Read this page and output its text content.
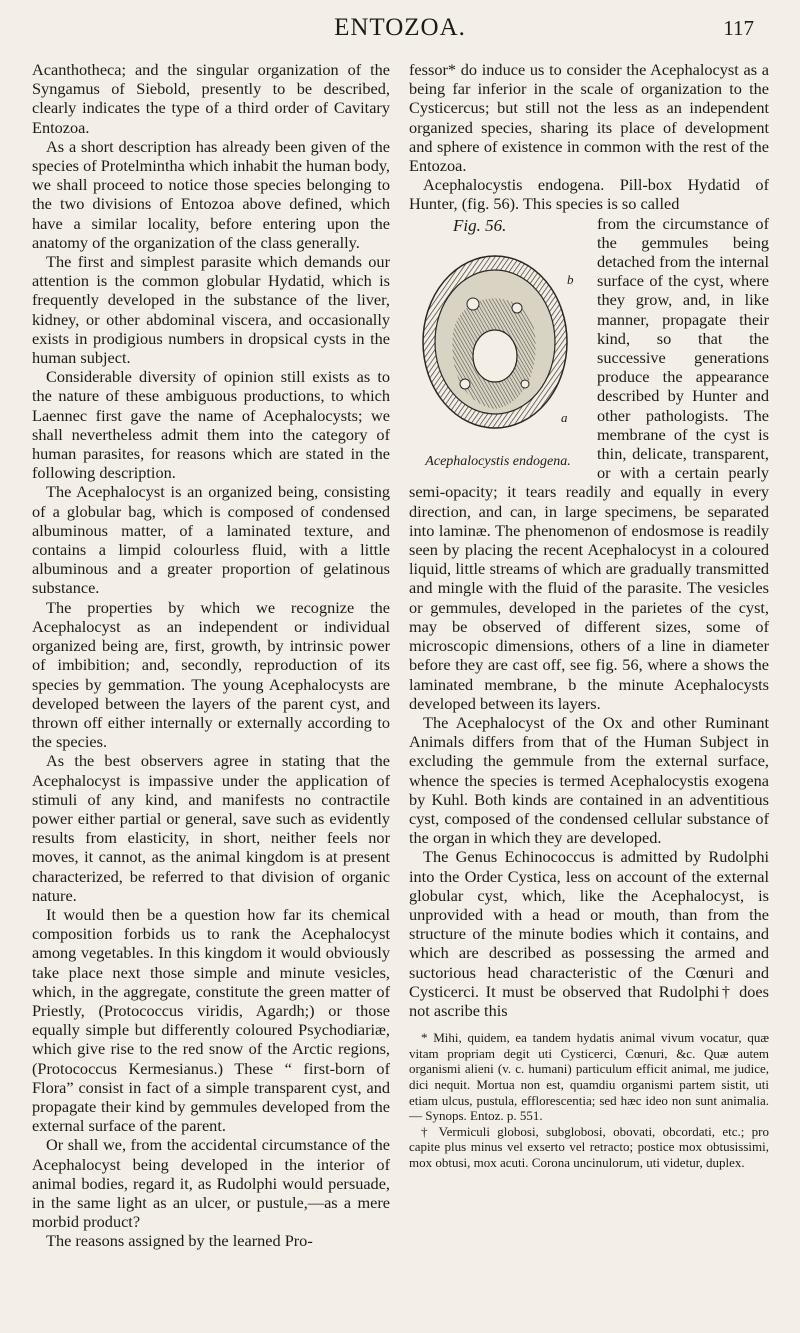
ENTOZOA.	117

Acanthotheca; and the singular organization of the Syngamus of Siebold, presently to be described, clearly indicates the type of a third order of Cavitary Entozoa.

As a short description has already been given of the species of Protelmintha which inhabit the human body, we shall proceed to notice those species belonging to the two divisions of Entozoa above defined, which have a similar locality, before entering upon the anatomy of the organization of the class generally.

The first and simplest parasite which demands our attention is the common globular Hydatid, which is frequently developed in the substance of the liver, kidney, or other abdominal viscera, and occasionally exists in prodigious numbers in dropsical cysts in the human subject.

Considerable diversity of opinion still exists as to the nature of these ambiguous productions, to which Laennec first gave the name of Acephalocysts; we shall nevertheless admit them into the category of human parasites, for reasons which are stated in the following description.

The Acephalocyst is an organized being, consisting of a globular bag, which is composed of condensed albuminous matter, of a laminated texture, and contains a limpid colourless fluid, with a little albuminous and a greater proportion of gelatinous substance.

The properties by which we recognize the Acephalocyst as an independent or individual organized being are, first, growth, by intrinsic power of imbibition; and, secondly, reproduction of its species by gemmation. The young Acephalocysts are developed between the layers of the parent cyst, and thrown off either internally or externally according to the species.

As the best observers agree in stating that the Acephalocyst is impassive under the application of stimuli of any kind, and manifests no contractile power either partial or general, save such as evidently results from elasticity, in short, neither feels nor moves, it cannot, as the animal kingdom is at present characterized, be referred to that division of organic nature.

It would then be a question how far its chemical composition forbids us to rank the Acephalocyst among vegetables. In this kingdom it would obviously take place next those simple and minute vesicles, which, in the aggregate, constitute the green matter of Priestly, (Protococcus viridis, Agardh;) or those equally simple but differently coloured Psychodiariæ, which give rise to the red snow of the Arctic regions, (Protococcus Kermesianus.) These “ first-born of Flora” consist in fact of a simple transparent cyst, and propagate their kind by gemmules developed from the external surface of the parent.

Or shall we, from the accidental circumstance of the Acephalocyst being developed in the interior of animal bodies, regard it, as Rudolphi would persuade, in the same light as an ulcer, or pustule,—as a mere morbid product?

The reasons assigned by the learned Pro-

fessor* do induce us to consider the Acephalocyst as a being far inferior in the scale of organization to the Cysticercus; but still not the less as an independent organized species, sharing its place of development and sphere of existence in common with the rest of the Entozoa.

Acephalocystis endogena. Pill-box Hydatid of Hunter, (fig. 56). This species is so called

Fig. 56.
b
a
Acephalocystis endogena.

from the circumstance of the gemmules being detached from the internal surface of the cyst, where they grow, and, in like manner, propagate their kind, so that the successive generations produce the appearance described by Hunter and other pathologists. The membrane of the cyst is thin, delicate, transparent, or with a certain pearly semi-opacity; it tears readily and equally in every direction, and can, in large specimens, be separated into laminæ. The phenomenon of endosmose is readily seen by placing the recent Acephalocyst in a coloured liquid, little streams of which are gradually transmitted and mingle with the fluid of the parasite. The vesicles or gemmules, developed in the parietes of the cyst, may be observed of different sizes, some of microscopic dimensions, others of a line in diameter before they are cast off, see fig. 56, where a shows the laminated membrane, b the minute Acephalocysts developed between its layers.

The Acephalocyst of the Ox and other Ruminant Animals differs from that of the Human Subject in excluding the gemmule from the external surface, whence the species is termed Acephalocystis exogena by Kuhl. Both kinds are contained in an adventitious cyst, composed of the condensed cellular substance of the organ in which they are developed.

The Genus Echinococcus is admitted by Rudolphi into the Order Cystica, less on account of the external globular cyst, which, like the Acephalocyst, is unprovided with a head or mouth, than from the structure of the minute bodies which it contains, and which are described as possessing the armed and suctorious head characteristic of the Cœnuri and Cysticerci. It must be observed that Rudolphi† does not ascribe this

* Mihi, quidem, ea tandem hydatis animal vivum vocatur, quæ vitam propriam degit uti Cysticerci, Cœnuri, &c. Quæ autem organismi alieni (v. c. humani) particulum efficit animal, me judice, dici nequit. Mortua non est, quamdiu organismi partem sistit, uti etiam ulcus, pustula, efflorescentia; sed hæc ideo non sunt animalia.— Synops. Entoz. p. 551.

† Vermiculi globosi, subglobosi, obovati, obcordati, etc.; pro capite plus minus vel exserto vel retracto; postice mox obtusissimi, mox obtusi, mox acuti. Corona uncinulorum, uti videtur, duplex.
